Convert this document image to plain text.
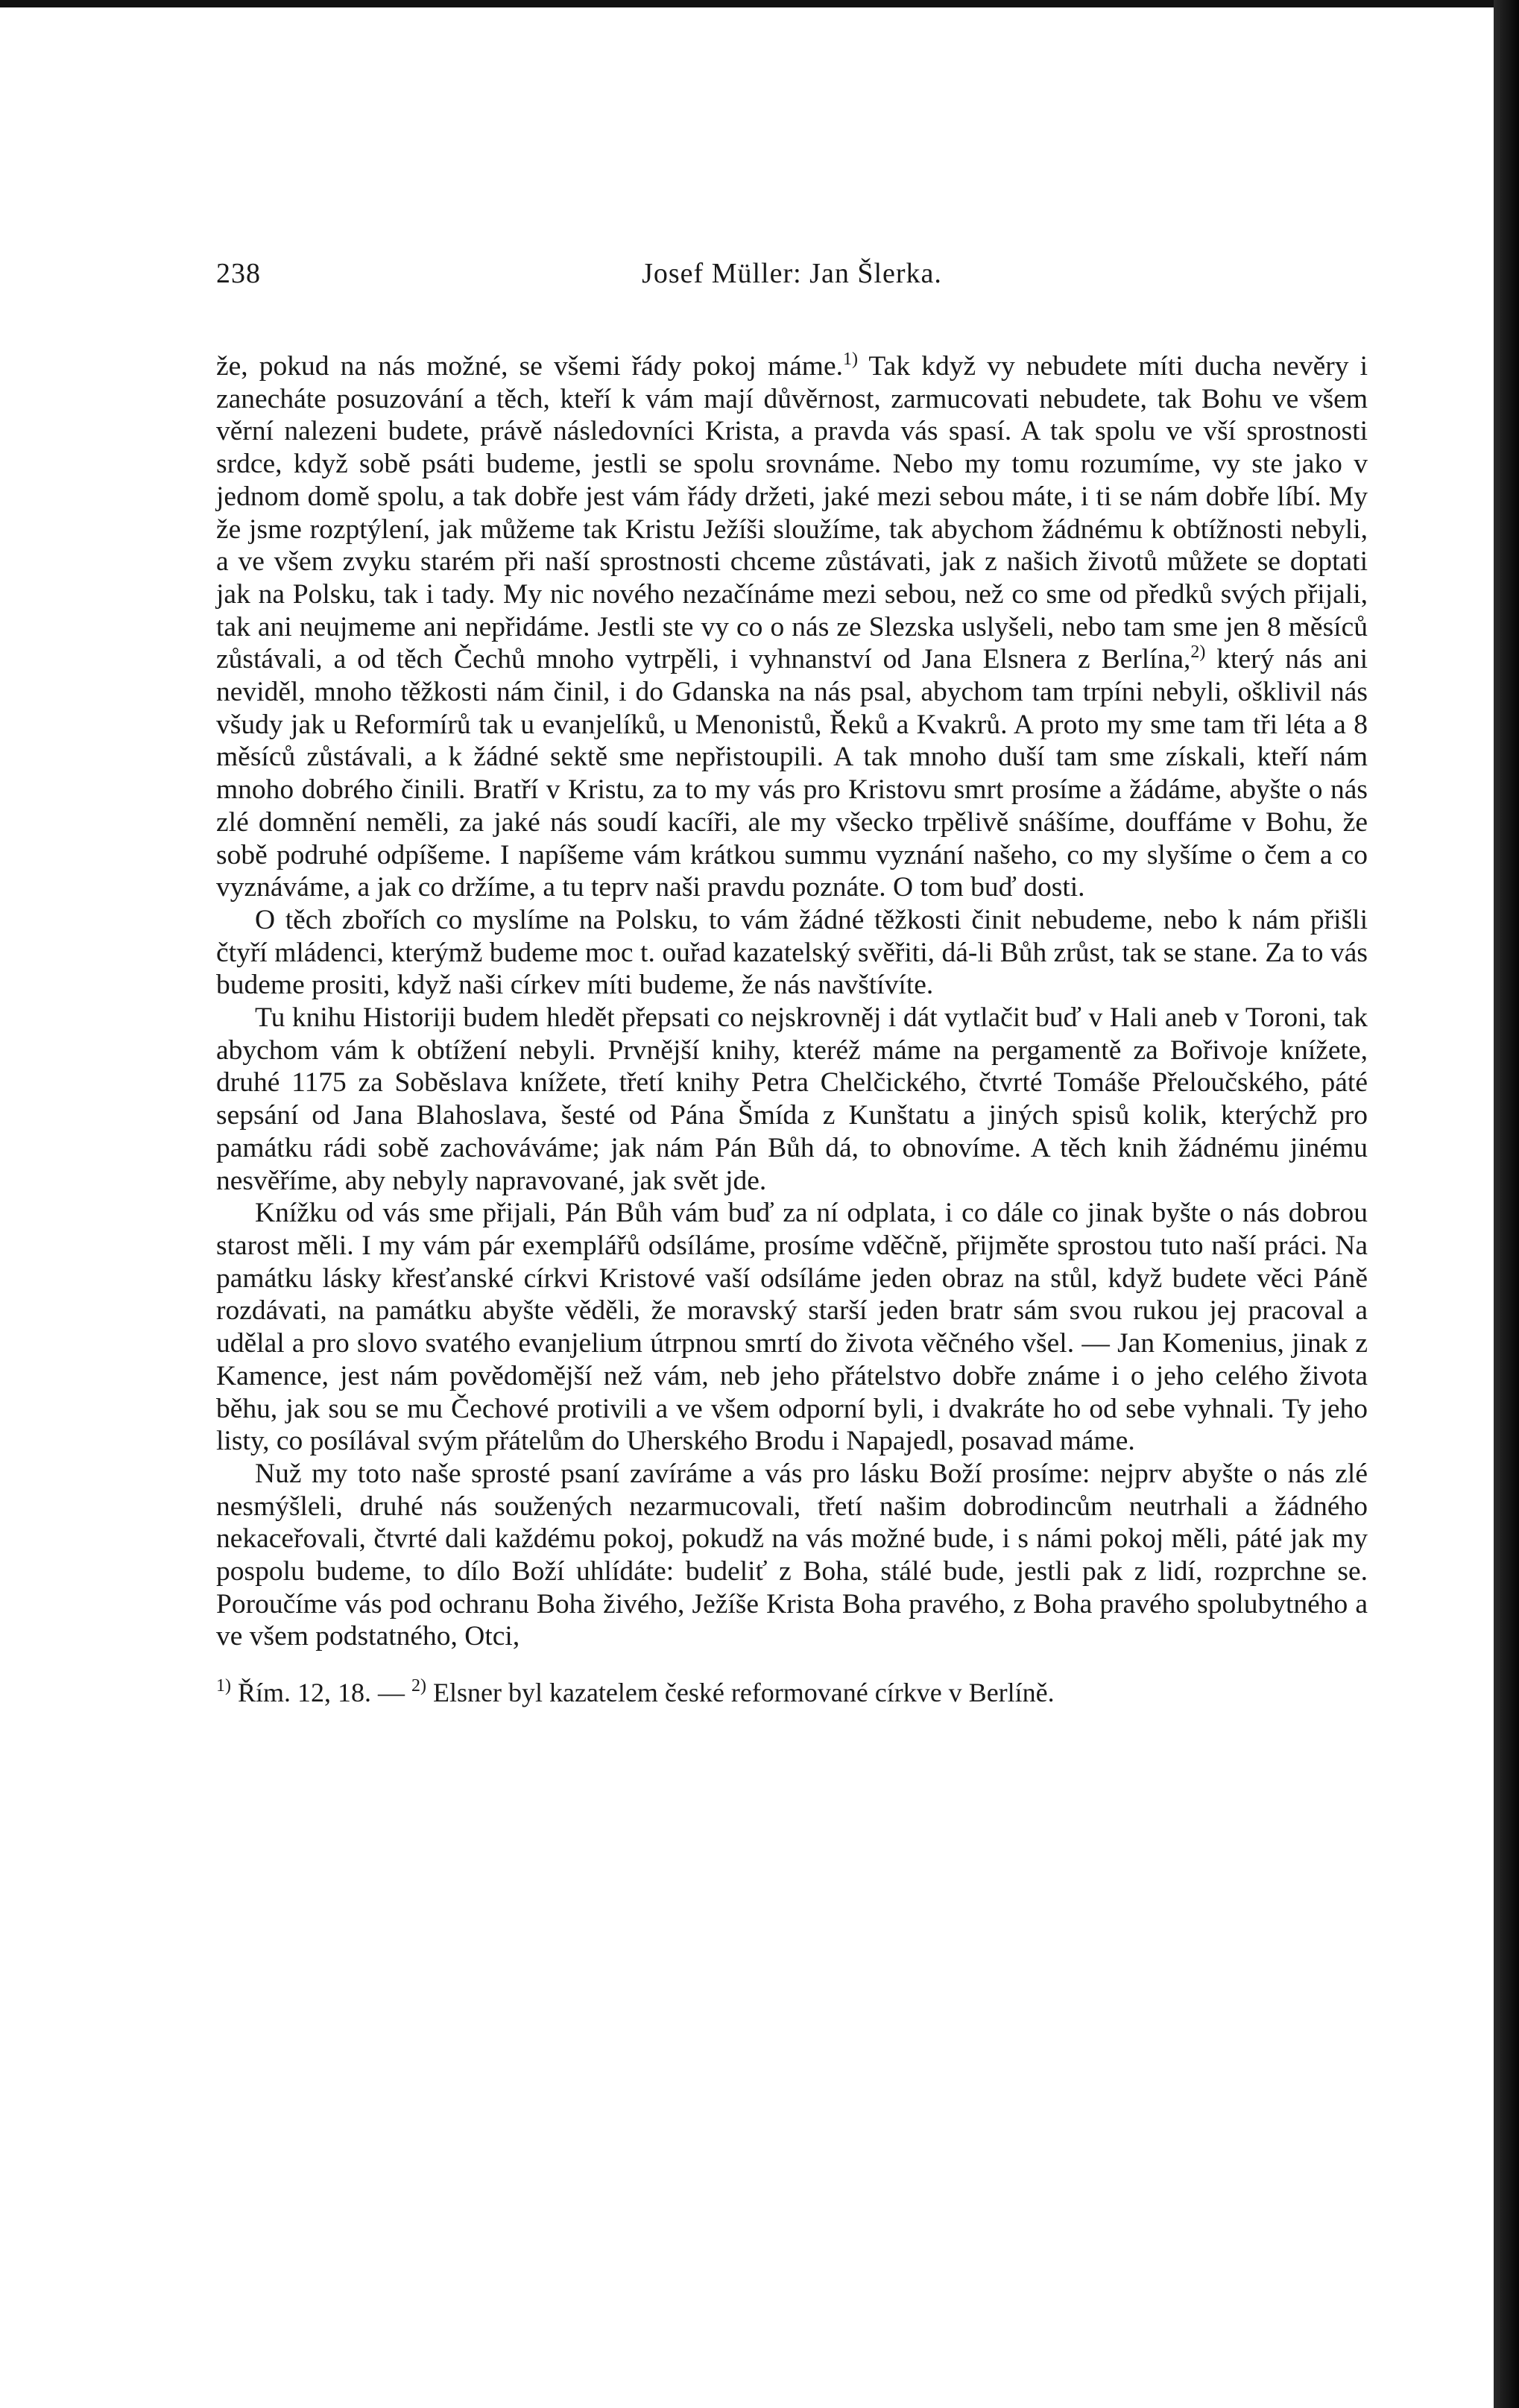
238	Josef Müller: Jan Šlerka.

že, pokud na nás možné, se všemi řády pokoj máme.$^{1)}$ Tak když vy nebudete míti ducha nevěry i zanecháte posuzování a těch, kteří k vám mají důvěrnost, zarmucovati nebudete, tak Bohu ve všem věrní nalezeni budete, právě následovníci Krista, a pravda vás spasí. A tak spolu ve vší sprostnosti srdce, když sobě psáti budeme, jestli se spolu srovnáme. Nebo my tomu rozumíme, vy ste jako v jednom domě spolu, a tak dobře jest vám řády držeti, jaké mezi sebou máte, i ti se nám dobře líbí. My že jsme rozptýlení, jak můžeme tak Kristu Ježíši sloužíme, tak abychom žádnému k obtížnosti nebyli, a ve všem zvyku starém při naší sprostnosti chceme zůstávati, jak z našich životů můžete se doptati jak na Polsku, tak i tady. My nic nového nezačínáme mezi sebou, než co sme od předků svých přijali, tak ani neujmeme ani nepřidáme. Jestli ste vy co o nás ze Slezska uslyšeli, nebo tam sme jen 8 měsíců zůstávali, a od těch Čechů mnoho vytrpěli, i vyhnanství od Jana Elsnera z Berlína,$^{2)}$ který nás ani neviděl, mnoho těžkosti nám činil, i do Gdanska na nás psal, abychom tam trpíni nebyli, ošklivil nás všudy jak u Reformírů tak u evanjelíků, u Menonistů, Řeků a Kvakrů. A proto my sme tam tři léta a 8 měsíců zůstávali, a k žádné sektě sme nepřistoupili. A tak mnoho duší tam sme získali, kteří nám mnoho dobrého činili. Bratří v Kristu, za to my vás pro Kristovu smrt prosíme a žádáme, abyšte o nás zlé domnění neměli, za jaké nás soudí kacíři, ale my všecko trpělivě snášíme, douffáme v Bohu, že sobě podruhé odpíšeme. I napíšeme vám krátkou summu vyznání našeho, co my slyšíme o čem a co vyznáváme, a jak co držíme, a tu teprv naši pravdu poznáte. O tom buď dosti.

O těch zbořích co myslíme na Polsku, to vám žádné těžkosti činit nebudeme, nebo k nám přišli čtyří mládenci, kterýmž budeme moc t. ouřad kazatelský svěřiti, dá-li Bůh zrůst, tak se stane. Za to vás budeme prositi, když naši církev míti budeme, že nás navštívíte.

Tu knihu Historiji budem hledět přepsati co nejskrovněj i dát vytlačit buď v Hali aneb v Toroni, tak abychom vám k obtížení nebyli. Prvnější knihy, kteréž máme na pergamentě za Bořivoje knížete, druhé 1175 za Soběslava knížete, třetí knihy Petra Chelčického, čtvrté Tomáše Přeloučského, páté sepsání od Jana Blahoslava, šesté od Pána Šmída z Kunštatu a jiných spisů kolik, kterýchž pro památku rádi sobě zachováváme; jak nám Pán Bůh dá, to obnovíme. A těch knih žádnému jinému nesvěříme, aby nebyly napravované, jak svět jde.

Knížku od vás sme přijali, Pán Bůh vám buď za ní odplata, i co dále co jinak byšte o nás dobrou starost měli. I my vám pár exemplářů odsíláme, prosíme vděčně, přijměte sprostou tuto naší práci. Na památku lásky křesťanské církvi Kristové vaší odsíláme jeden obraz na stůl, když budete věci Páně rozdávati, na památku abyšte věděli, že moravský starší jeden bratr sám svou rukou jej pracoval a udělal a pro slovo svatého evanjelium útrpnou smrtí do života věčného všel. — Jan Komenius, jinak z Kamence, jest nám povědomější než vám, neb jeho přátelstvo dobře známe i o jeho celého života běhu, jak sou se mu Čechové protivili a ve všem odporní byli, i dvakráte ho od sebe vyhnali. Ty jeho listy, co posílával svým přátelům do Uherského Brodu i Napajedl, posavad máme.

Nuž my toto naše sprosté psaní zavíráme a vás pro lásku Boží prosíme: nejprv abyšte o nás zlé nesmýšleli, druhé nás soužených nezarmucovali, třetí našim dobrodincům neutrhali a žádného nekaceřovali, čtvrté dali každému pokoj, pokudž na vás možné bude, i s námi pokoj měli, páté jak my pospolu budeme, to dílo Boží uhlídáte: budeliť z Boha, stálé bude, jestli pak z lidí, rozprchne se. Poroučíme vás pod ochranu Boha živého, Ježíše Krista Boha pravého, z Boha pravého spolubytného a ve všem podstatného, Otci,

$^{1)}$ Řím. 12, 18. — $^{2)}$ Elsner byl kazatelem české reformované církve v Berlíně.
